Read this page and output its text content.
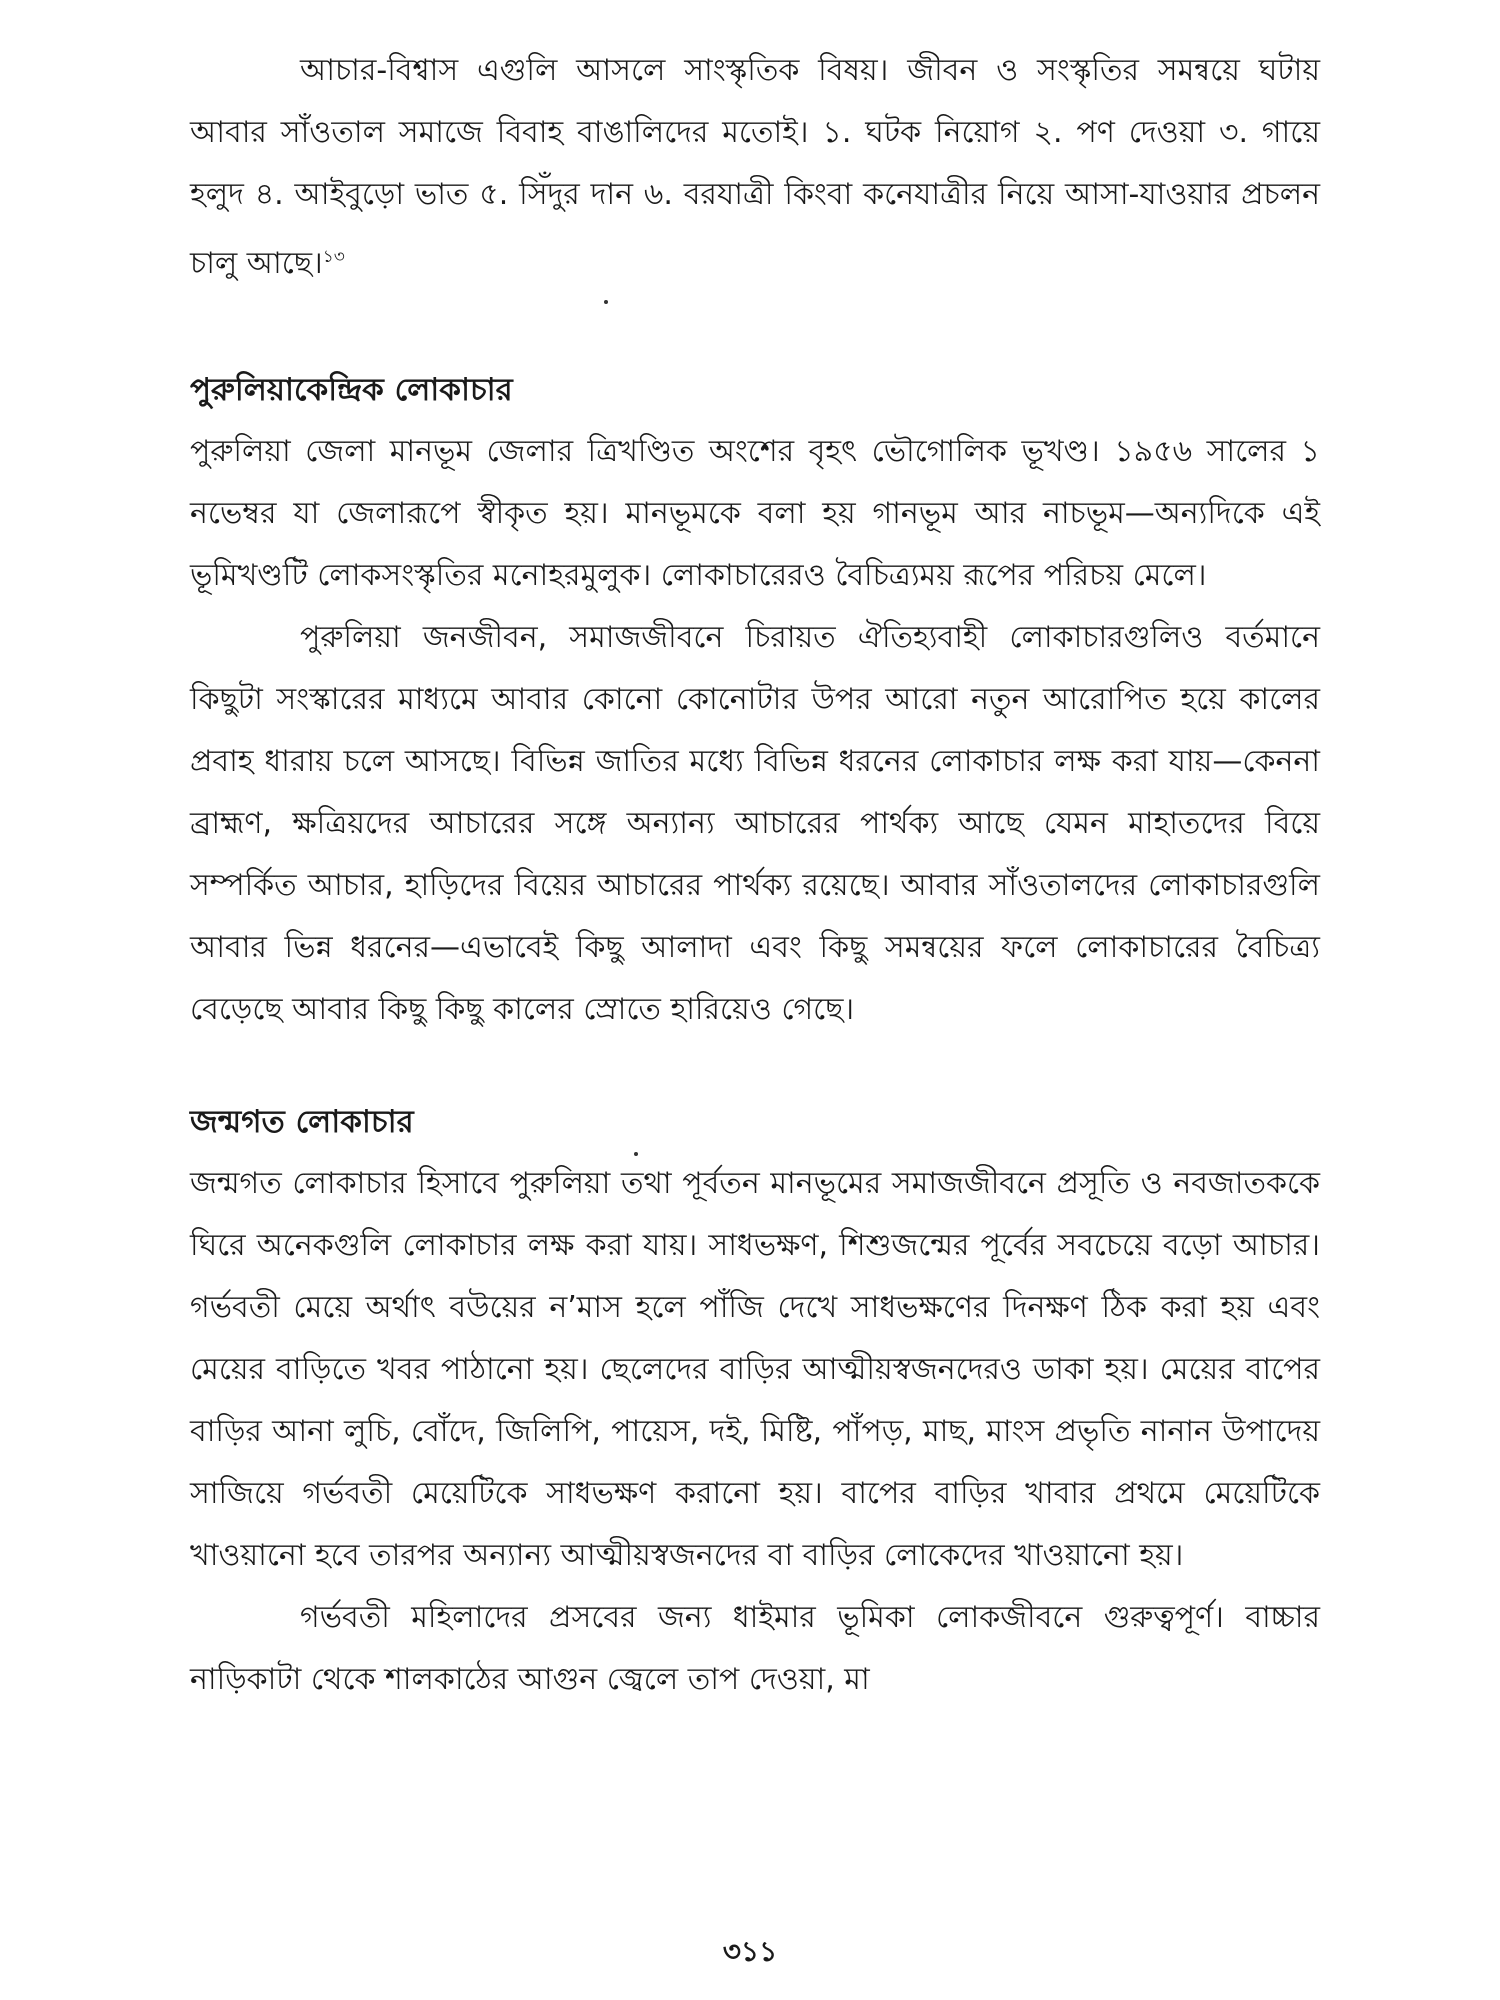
আচার-বিশ্বাস এগুলি আসলে সাংস্কৃতিক বিষয়। জীবন ও সংস্কৃতির সমন্বয়ে ঘটায় আবার সাঁওতাল সমাজে বিবাহ বাঙালিদের মতোই। ১. ঘটক নিয়োগ ২. পণ দেওয়া ৩. গায়ে হলুদ ৪. আইবুড়ো ভাত ৫. সিঁদুর দান ৬. বরযাত্রী কিংবা কনেযাত্রীর নিয়ে আসা-যাওয়ার প্রচলন চালু আছে।$^{১৩}$

পুরুলিয়াকেন্দ্রিক লোকাচার

পুরুলিয়া জেলা মানভূম জেলার ত্রিখণ্ডিত অংশের বৃহৎ ভৌগোলিক ভূখণ্ড। ১৯৫৬ সালের ১ নভেম্বর যা জেলারূপে স্বীকৃত হয়। মানভূমকে বলা হয় গানভূম আর নাচভূম—অন্যদিকে এই ভূমিখণ্ডটি লোকসংস্কৃতির মনোহরমুলুক। লোকাচারেরও বৈচিত্র্যময় রূপের পরিচয় মেলে।

পুরুলিয়া জনজীবন, সমাজজীবনে চিরায়ত ঐতিহ্যবাহী লোকাচারগুলিও বর্তমানে কিছুটা সংস্কারের মাধ্যমে আবার কোনো কোনোটার উপর আরো নতুন আরোপিত হয়ে কালের প্রবাহ ধারায় চলে আসছে। বিভিন্ন জাতির মধ্যে বিভিন্ন ধরনের লোকাচার লক্ষ করা যায়—কেননা ব্রাহ্মণ, ক্ষত্রিয়দের আচারের সঙ্গে অন্যান্য আচারের পার্থক্য আছে যেমন মাহাতদের বিয়ে সম্পর্কিত আচার, হাড়িদের বিয়ের আচারের পার্থক্য রয়েছে। আবার সাঁওতালদের লোকাচারগুলি আবার ভিন্ন ধরনের—এভাবেই কিছু আলাদা এবং কিছু সমন্বয়ের ফলে লোকাচারের বৈচিত্র্য বেড়েছে আবার কিছু কিছু কালের স্রোতে হারিয়েও গেছে।

জন্মগত লোকাচার

জন্মগত লোকাচার হিসাবে পুরুলিয়া তথা পূর্বতন মানভূমের সমাজজীবনে প্রসূতি ও নবজাতককে ঘিরে অনেকগুলি লোকাচার লক্ষ করা যায়। সাধভক্ষণ, শিশুজন্মের পূর্বের সবচেয়ে বড়ো আচার। গর্ভবতী মেয়ে অর্থাৎ বউয়ের ন’মাস হলে পাঁজি দেখে সাধভক্ষণের দিনক্ষণ ঠিক করা হয় এবং মেয়ের বাড়িতে খবর পাঠানো হয়। ছেলেদের বাড়ির আত্মীয়স্বজনদেরও ডাকা হয়। মেয়ের বাপের বাড়ির আনা লুচি, বোঁদে, জিলিপি, পায়েস, দই, মিষ্টি, পাঁপড়, মাছ, মাংস প্রভৃতি নানান উপাদেয় সাজিয়ে গর্ভবতী মেয়েটিকে সাধভক্ষণ করানো হয়। বাপের বাড়ির খাবার প্রথমে মেয়েটিকে খাওয়ানো হবে তারপর অন্যান্য আত্মীয়স্বজনদের বা বাড়ির লোকেদের খাওয়ানো হয়।

গর্ভবতী মহিলাদের প্রসবের জন্য ধাইমার ভূমিকা লোকজীবনে গুরুত্বপূর্ণ। বাচ্চার নাড়িকাটা থেকে শালকাঠের আগুন জ্বেলে তাপ দেওয়া, মা

৩১১
